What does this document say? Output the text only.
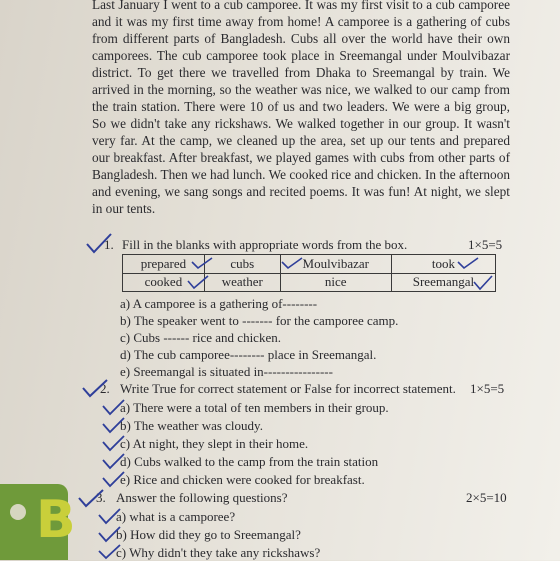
Last January I went to a cub camporee. It was my first visit to a cub camporee and it was my first time away from home! A camporee is a gathering of cubs from different parts of Bangladesh. Cubs all over the world have their own camporees. The cub camporee took place in Sreemangal under Moulvibazar district. To get there we travelled from Dhaka to Sreemangal by train. We arrived in the morning, so the weather was nice, we walked to our camp from the train station. There were 10 of us and two leaders. We were a big group, So we didn't take any rickshaws. We walked together in our group. It wasn't very far. At the camp, we cleaned up the area, set up our tents and prepared our breakfast. After breakfast, we played games with cubs from other parts of Bangladesh. Then we had lunch. We cooked rice and chicken. In the afternoon and evening, we sang songs and recited poems. It was fun! At night, we slept in our tents.

1. Fill in the blanks with appropriate words from the box.	1×5=5
prepared	cubs	Moulvibazar	took
cooked	weather	nice	Sreemangal
a) A camporee is a gathering of--------
b) The speaker went to ------- for the camporee camp.
c) Cubs ------ rice and chicken.
d) The cub camporee-------- place in Sreemangal.
e) Sreemangal is situated in----------------
2. Write True for correct statement or False for incorrect statement. 1×5=5
a) There were a total of ten members in their group.
b) The weather was cloudy.
c) At night, they slept in their home.
d) Cubs walked to the camp from the train station
e) Rice and chicken were cooked for breakfast.
3. Answer the following questions?	2×5=10
a) what is a camporee?
b) How did they go to Sreemangal?
c) Why didn't they take any rickshaws?
B
